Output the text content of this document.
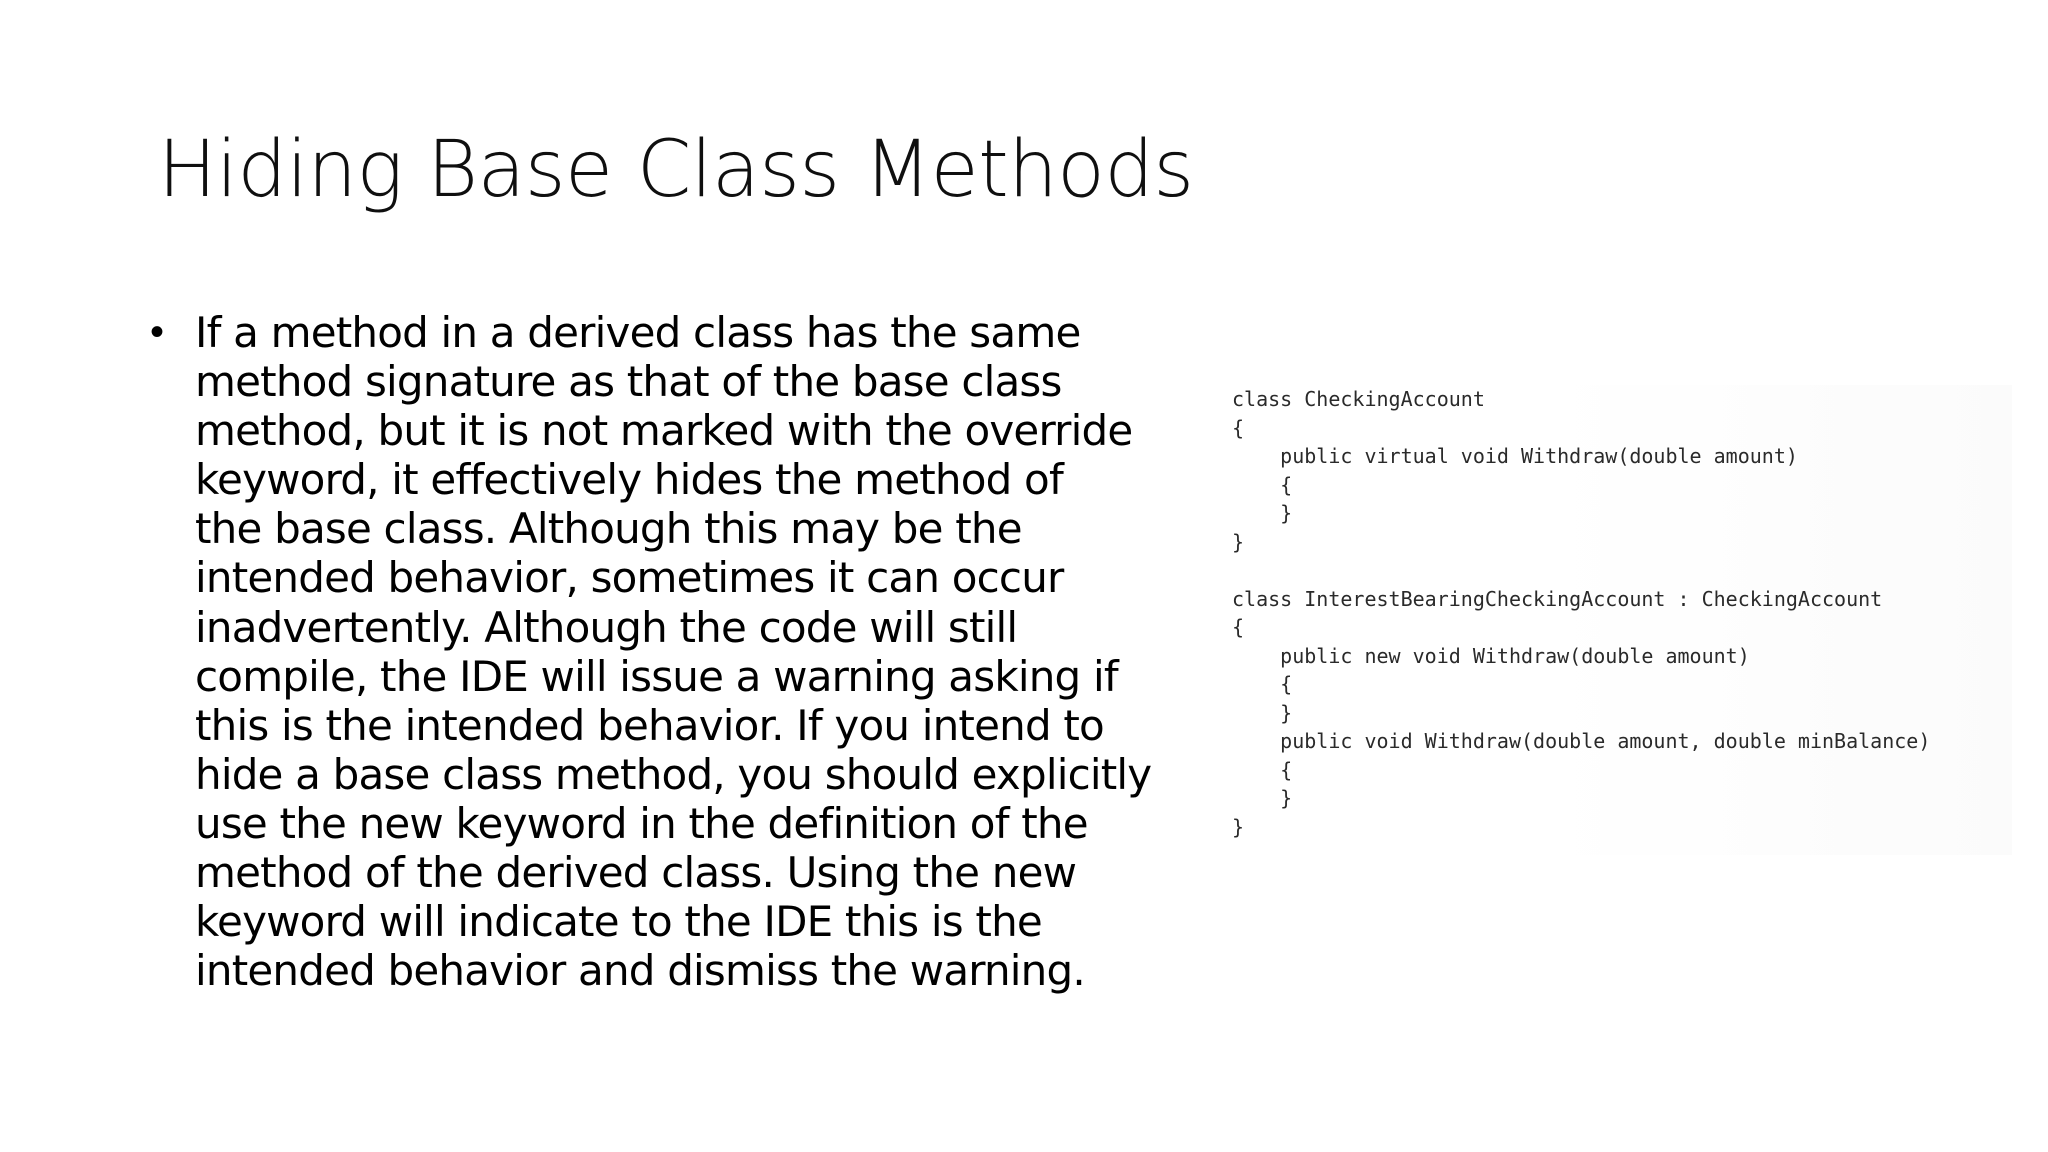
Hiding Base Class Methods
• If a method in a derived class has the same
method signature as that of the base class
method, but it is not marked with the override
keyword, it effectively hides the method of
the base class. Although this may be the
intended behavior, sometimes it can occur
inadvertently. Although the code will still
compile, the IDE will issue a warning asking if
this is the intended behavior. If you intend to
hide a base class method, you should explicitly
use the new keyword in the definition of the
method of the derived class. Using the new
keyword will indicate to the IDE this is the
intended behavior and dismiss the warning.
class CheckingAccount
{
public virtual void Withdraw(double amount)
{
}
}
class InterestBearingCheckingAccount : CheckingAccount
{
public new void Withdraw(double amount)
{
}
public void Withdraw(double amount, double minBalance)
{
}
}
